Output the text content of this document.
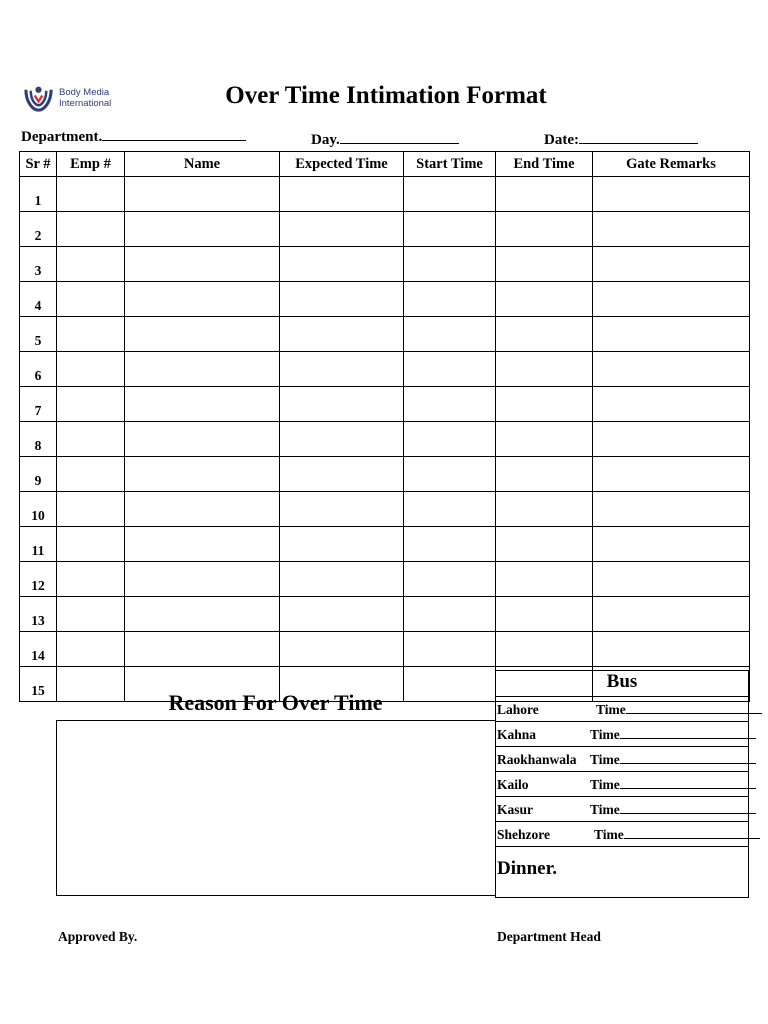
Body Media
International	Over Time Intimation Format
Department.	Day.	Date:
Sr #	Emp #	Name	Expected Time	Start Time	End Time	Gate Remarks
1						
2						
3						
4						
5						
6						
7						
8						
9						
10						
11						
12						
13						
14						
15							Reason For Over Time
Bus
Lahore	Time
Kahna	Time
Raokhanwala Time
Kailo	Time
Kasur	Time
Shehzore	Time
Dinner.
Approved By.	Department Head
